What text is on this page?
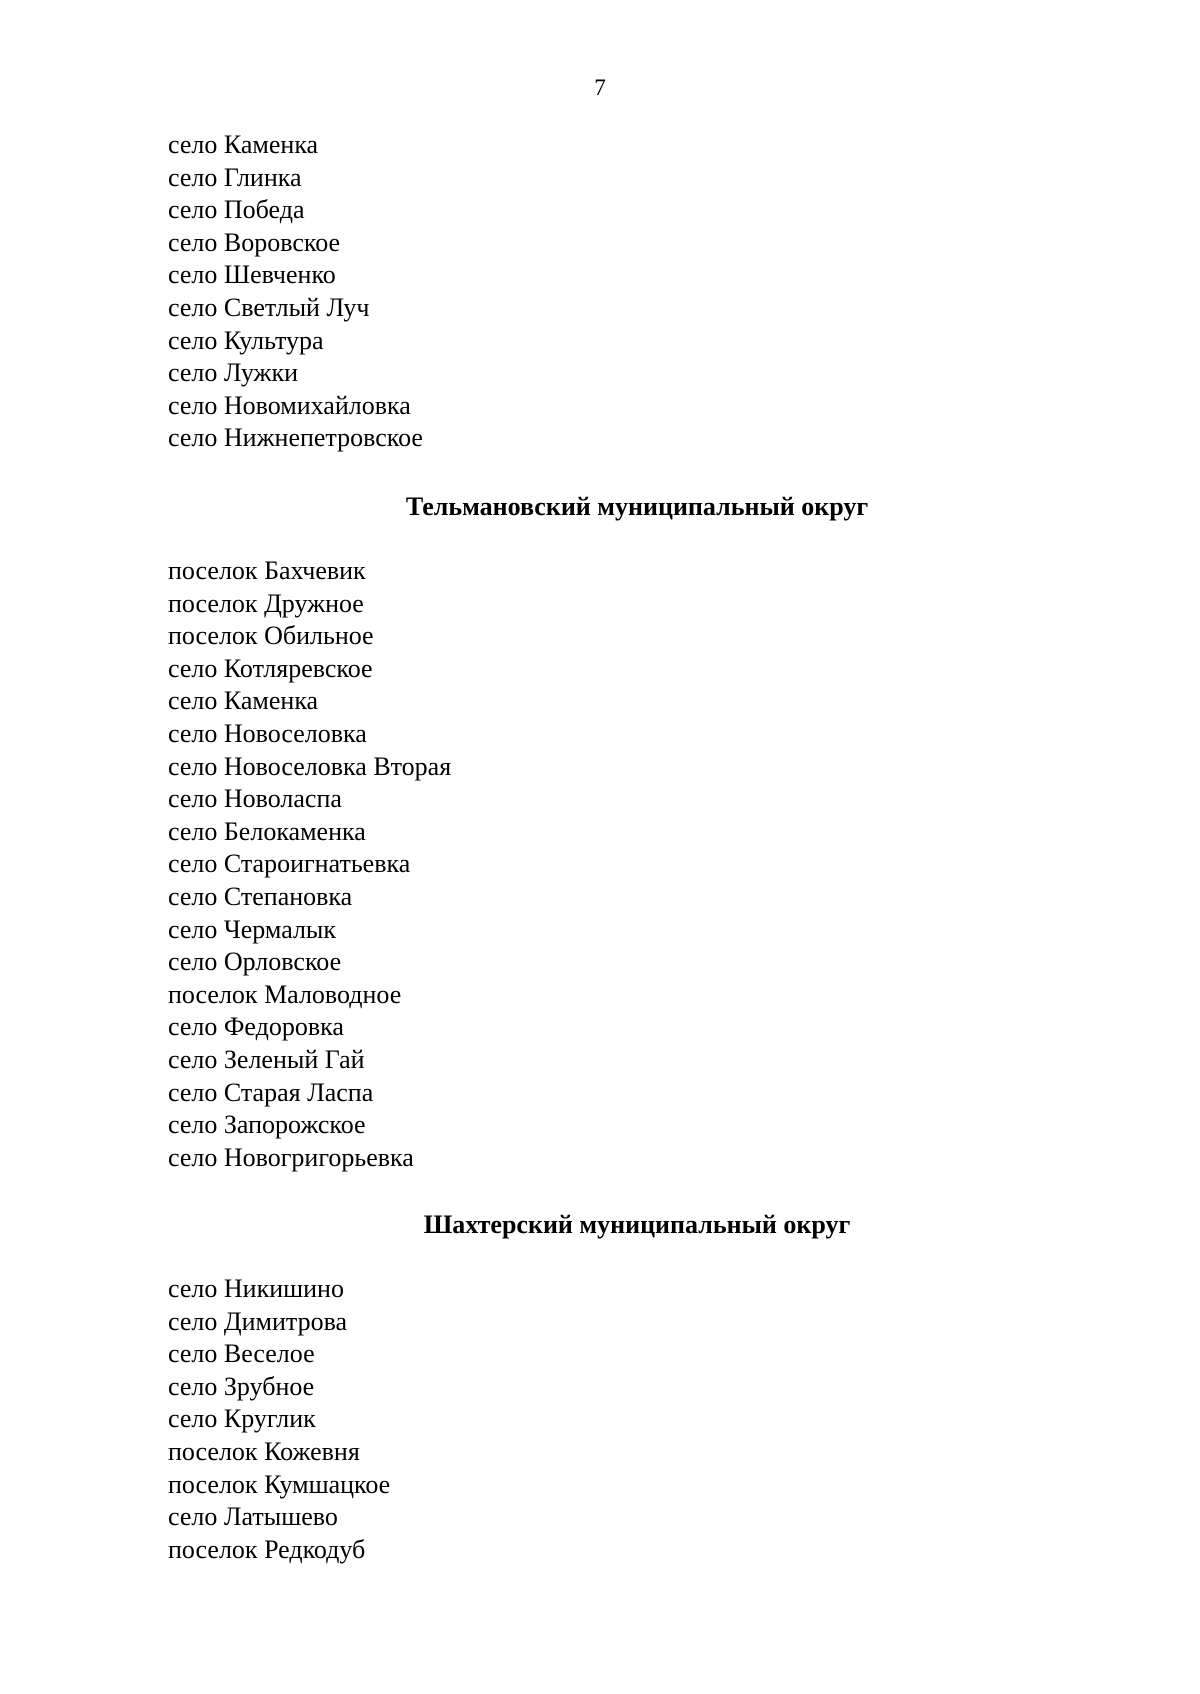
7
село Каменка
село Глинка
село Победа
село Воровское
село Шевченко
село Светлый Луч
село Культура
село Лужки
село Новомихайловка
село Нижнепетровское
Тельмановский муниципальный округ
поселок Бахчевик
поселок Дружное
поселок Обильное
село Котляревское
село Каменка
село Новоселовка
село Новоселовка Вторая
село Новоласпа
село Белокаменка
село Староигнатьевка
село Степановка
село Чермалык
село Орловское
поселок Маловодное
село Федоровка
село Зеленый Гай
село Старая Ласпа
село Запорожское
село Новогригорьевка
Шахтерский муниципальный округ
село Никишино
село Димитрова
село Веселое
село Зрубное
село Круглик
поселок Кожевня
поселок Кумшацкое
село Латышево
поселок Редкодуб
